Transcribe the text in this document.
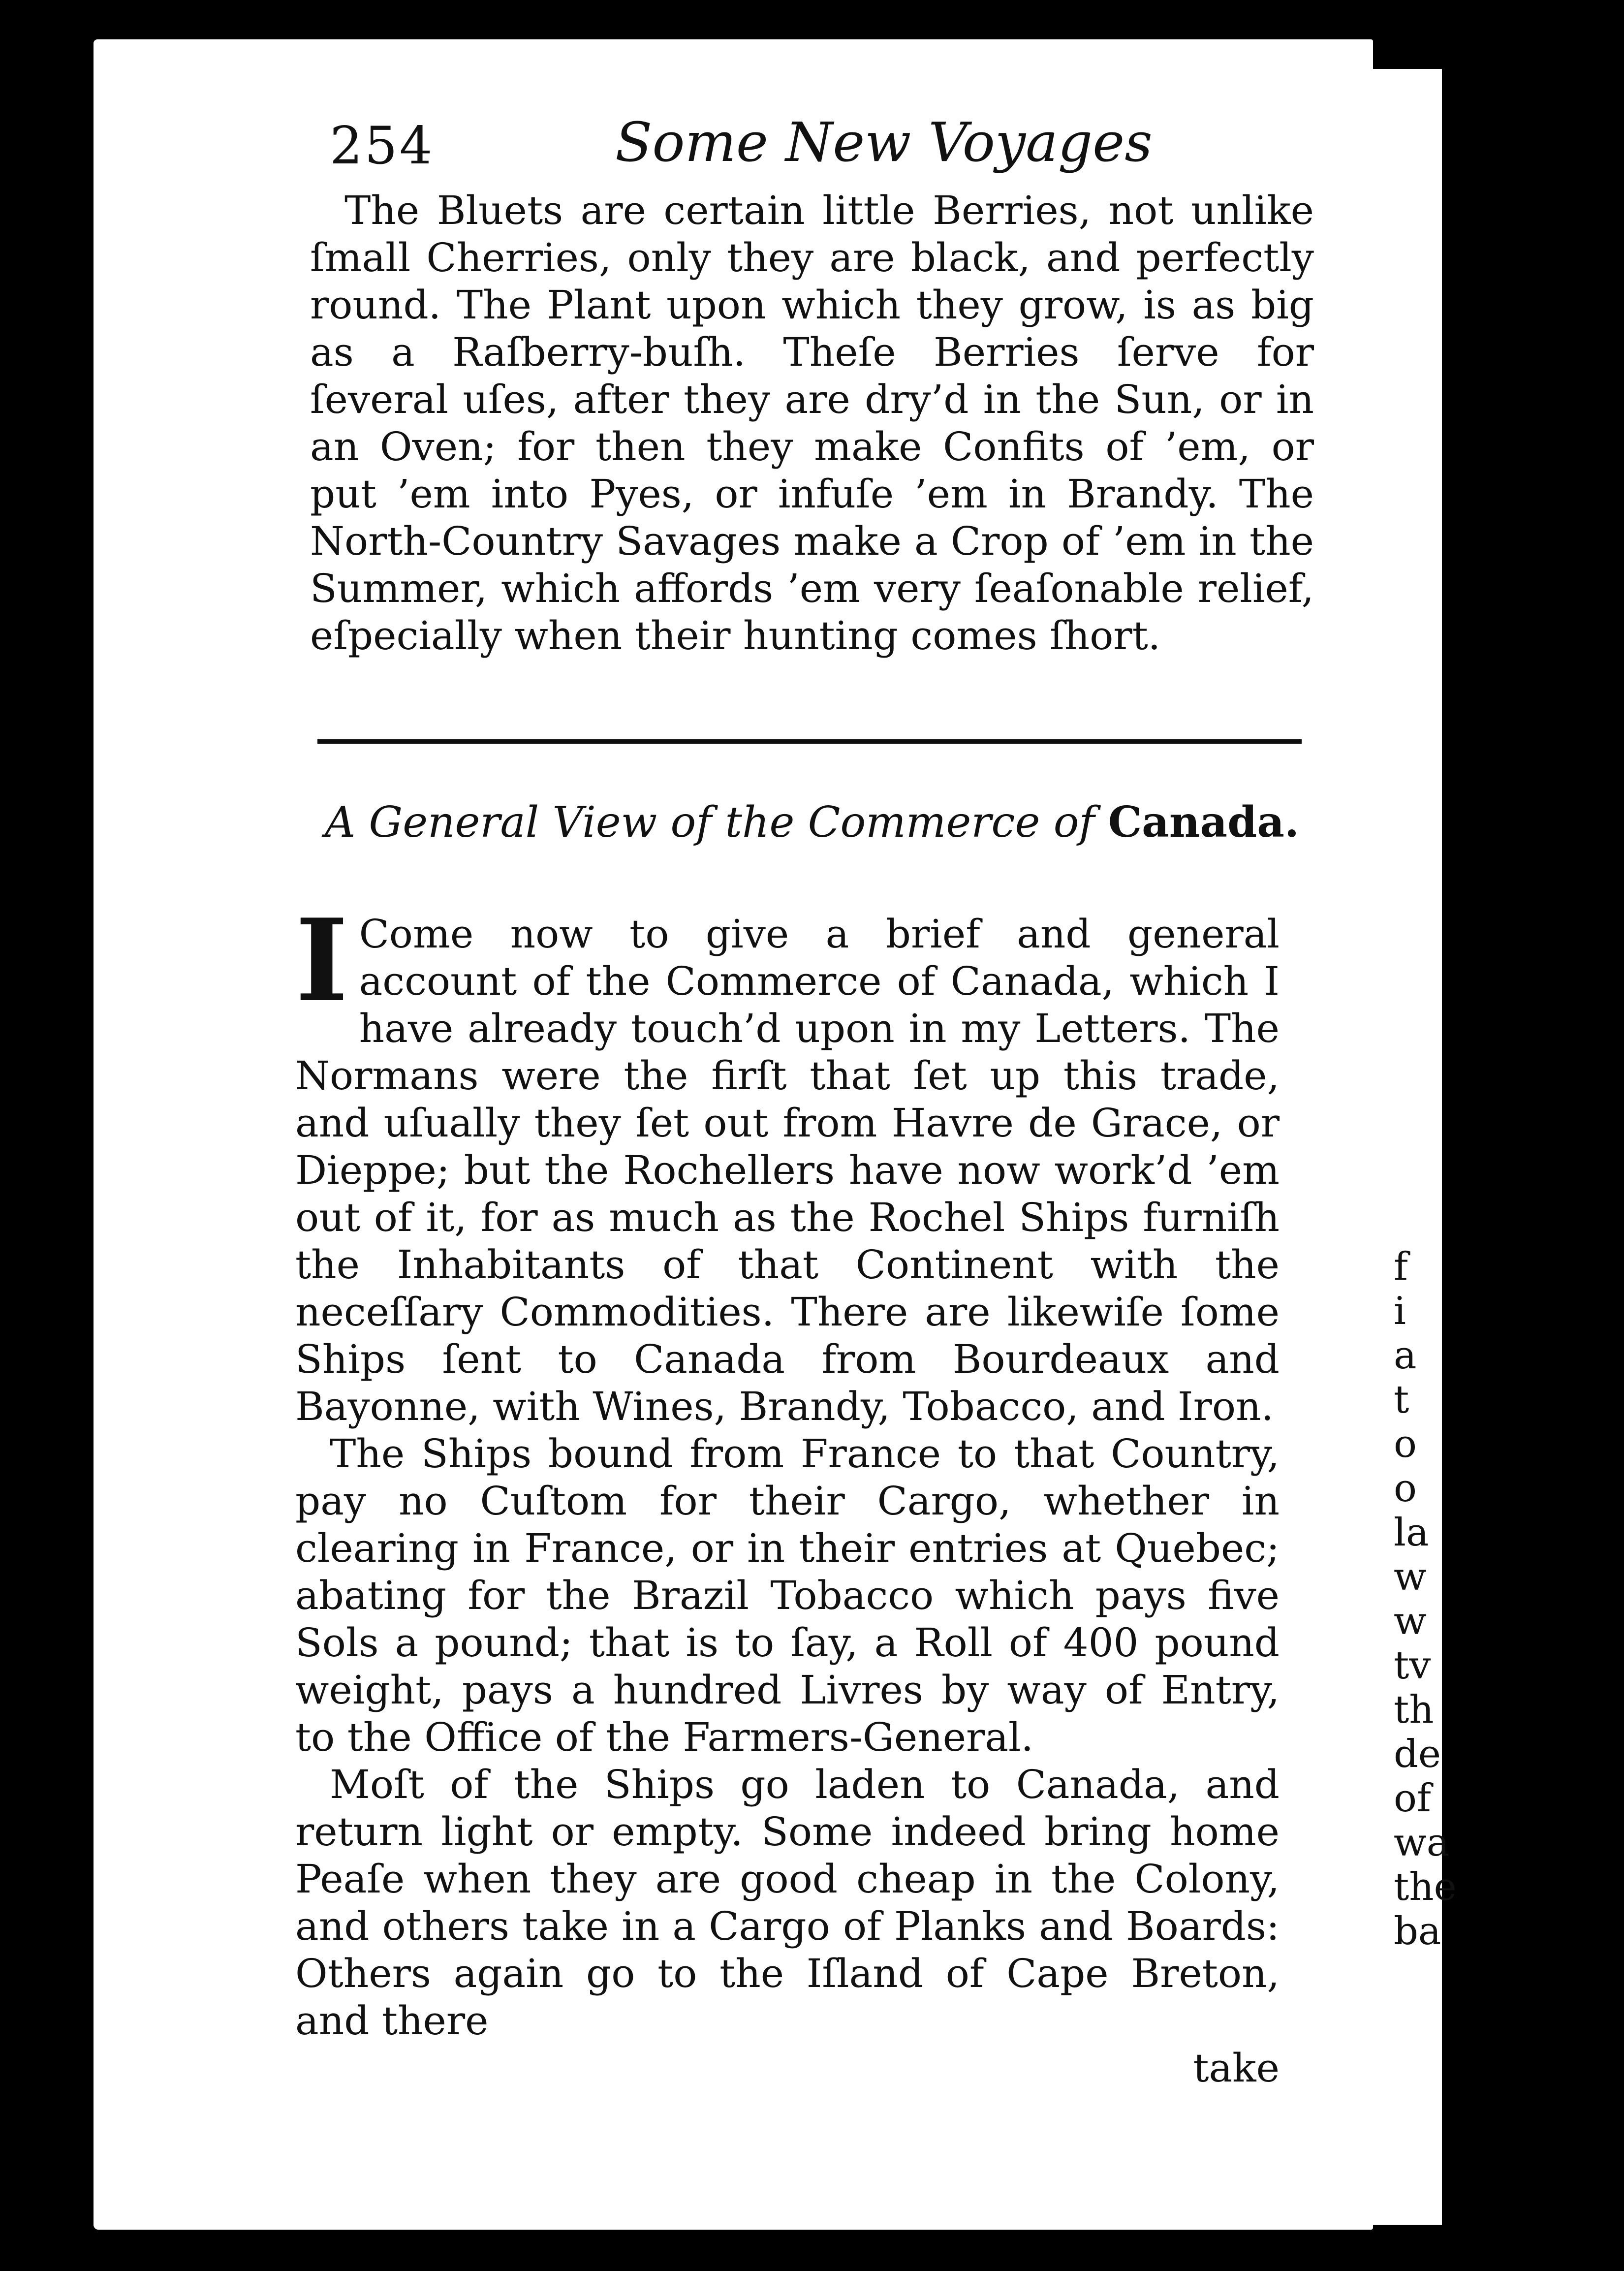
f
i
a
t
o
o
la
w
w
tv
th
de
of
wa
the
ba
254	Some New Voyages

The Bluets are certain little Berries, not unlike ſmall Cherries, only they are black, and perfectly round. The Plant upon which they grow, is as big as a Raſberry-buſh. Theſe Berries ſerve for ſeveral uſes, after they are dry’d in the Sun, or in an Oven; for then they make Confits of ’em, or put ’em into Pyes, or infuſe ’em in Brandy. The North-Country Savages make a Crop of ’em in the Summer, which affords ’em very ſeaſonable relief, eſpecially when their hunting comes ſhort.

A General View of the Commerce of Canada.

I Come now to give a brief and general account of the Commerce of Canada, which I have already touch’d upon in my Letters. The Normans were the firſt that ſet up this trade, and uſually they ſet out from Havre de Grace, or Dieppe; but the Rochellers have now work’d ’em out of it, for as much as the Rochel Ships furniſh the Inhabitants of that Continent with the neceſſary Commodities. There are likewiſe ſome Ships ſent to Canada from Bourdeaux and Bayonne, with Wines, Brandy, Tobacco, and Iron.

The Ships bound from France to that Country, pay no Cuſtom for their Cargo, whether in clearing in France, or in their entries at Quebec; abating for the Brazil Tobacco which pays five Sols a pound; that is to ſay, a Roll of 400 pound weight, pays a hundred Livres by way of Entry, to the Office of the Farmers-General.

Moſt of the Ships go laden to Canada, and return light or empty. Some indeed bring home Peaſe when they are good cheap in the Colony, and others take in a Cargo of Planks and Boards: Others again go to the Iſland of Cape Breton, and there

take
